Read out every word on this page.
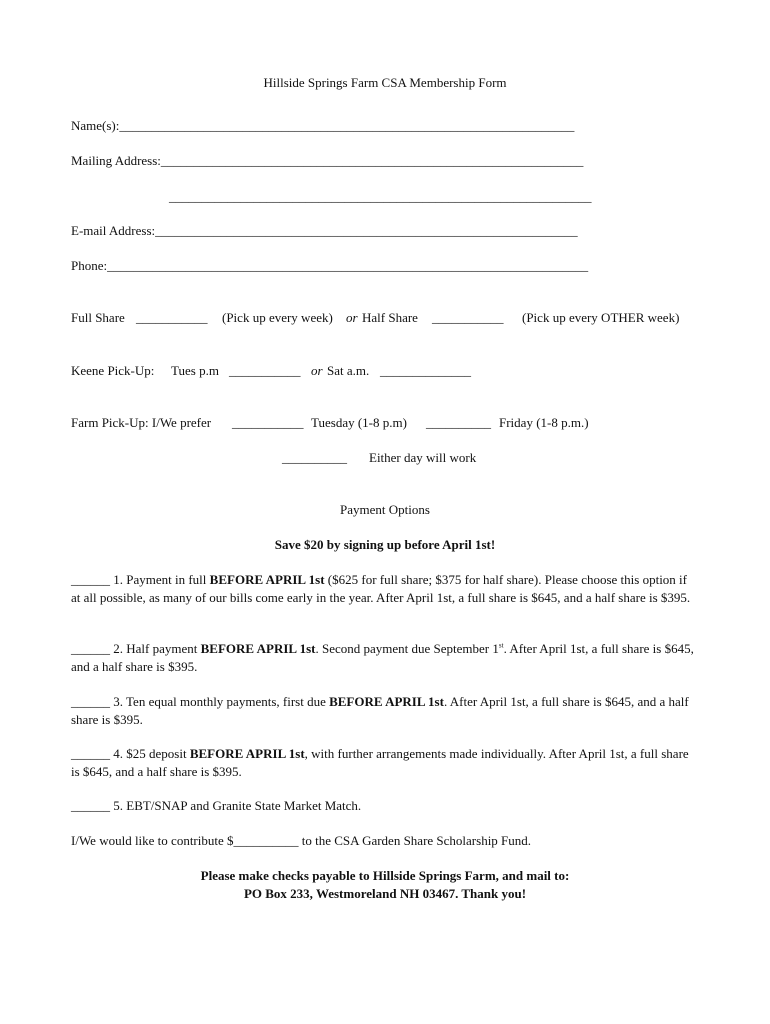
Hillside Springs Farm CSA Membership Form
Name(s):______________________________________________________________________
Mailing Address:_________________________________________________________________
_________________________________________________________________
E-mail Address:_________________________________________________________________
Phone:__________________________________________________________________________
Full Share ___________ (Pick up every week) or Half Share ___________ (Pick up every OTHER week)
Keene Pick-Up: Tues p.m ___________ or Sat a.m. ______________
Farm Pick-Up: I/We prefer ___________ Tuesday (1-8 p.m) __________ Friday (1-8 p.m.)
__________ Either day will work
Payment Options
Save $20 by signing up before April 1st!
______ 1. Payment in full BEFORE APRIL 1st ($625 for full share; $375 for half share). Please choose this option if at all possible, as many of our bills come early in the year. After April 1st, a full share is $645, and a half share is $395.
______ 2. Half payment BEFORE APRIL 1st. Second payment due September 1st. After April 1st, a full share is $645, and a half share is $395.
______ 3. Ten equal monthly payments, first due BEFORE APRIL 1st. After April 1st, a full share is $645, and a half share is $395.
______ 4. $25 deposit BEFORE APRIL 1st, with further arrangements made individually. After April 1st, a full share is $645, and a half share is $395.
______ 5. EBT/SNAP and Granite State Market Match.
I/We would like to contribute $__________ to the CSA Garden Share Scholarship Fund.
Please make checks payable to Hillside Springs Farm, and mail to:
PO Box 233, Westmoreland NH 03467. Thank you!
